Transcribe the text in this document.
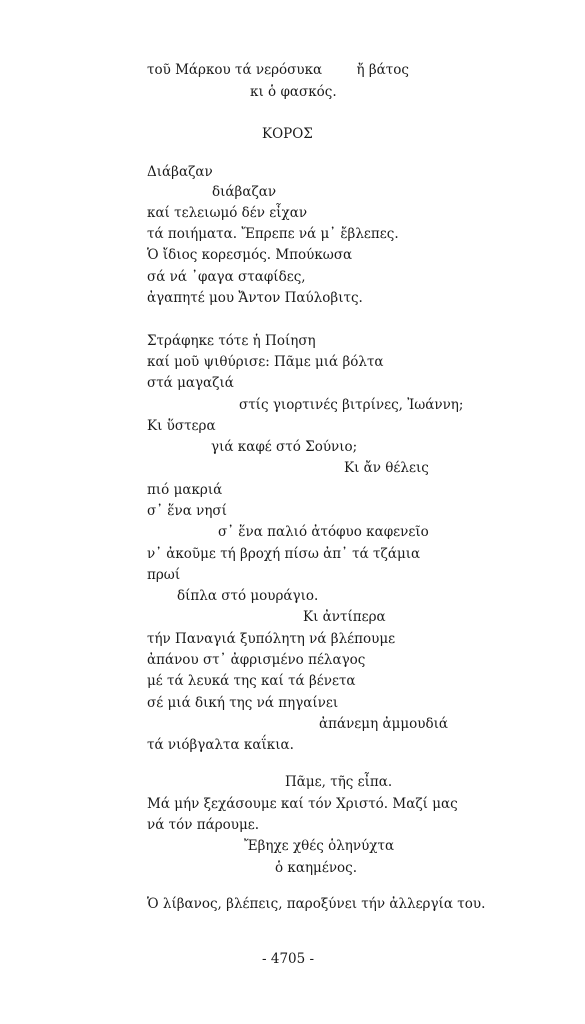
τοῦ Μάρκου τά νερόσυκα        ἤ βάτος
κι ὁ φασκός.
ΚΟΡΟΣ
Διάβαζαν
διάβαζαν
καί τελειωμό δέν εἶχαν
τά ποιήματα. Ἔπρεπε νά μ᾽ ἔβλεπες.
Ὁ ἴδιος κορεσμός. Μπούκωσα
σά νά ᾽φαγα σταφίδες,
ἀγαπητέ μου Ἄντον Παύλοβιτς.
Στράφηκε τότε ἡ Ποίηση
καί μοῦ ψιθύρισε: Πᾶμε μιά βόλτα
στά μαγαζιά
στίς γιορτινές βιτρίνες, Ἰωάννη;
Κι ὕστερα
γιά καφέ στό Σούνιο;
Κι ἄν θέλεις
πιό μακριά
σ᾽ ἕνα νησί
σ᾽ ἕνα παλιό ἀτόφυο καφενεῖο
ν᾽ ἀκοῦμε τή βροχή πίσω ἀπ᾽ τά τζάμια
πρωί
δίπλα στό μουράγιο.
Κι ἀντίπερα
τήν Παναγιά ξυπόλητη νά βλέπουμε
ἀπάνου στ᾽ ἀφρισμένο πέλαγος
μέ τά λευκά της καί τά βένετα
σέ μιά δική της νά πηγαίνει
ἀπάνεμη ἀμμουδιά
τά νιόβγαλτα καΐκια.
Πᾶμε, τῆς εἶπα.
Μά μήν ξεχάσουμε καί τόν Χριστό. Μαζί μας
νά τόν πάρουμε.
Ἔβηχε χθές ὁληνύχτα
ὁ καημένος.
Ὁ λίβανος, βλέπεις, παροξύνει τήν ἀλλεργία του.
- 4705 -
